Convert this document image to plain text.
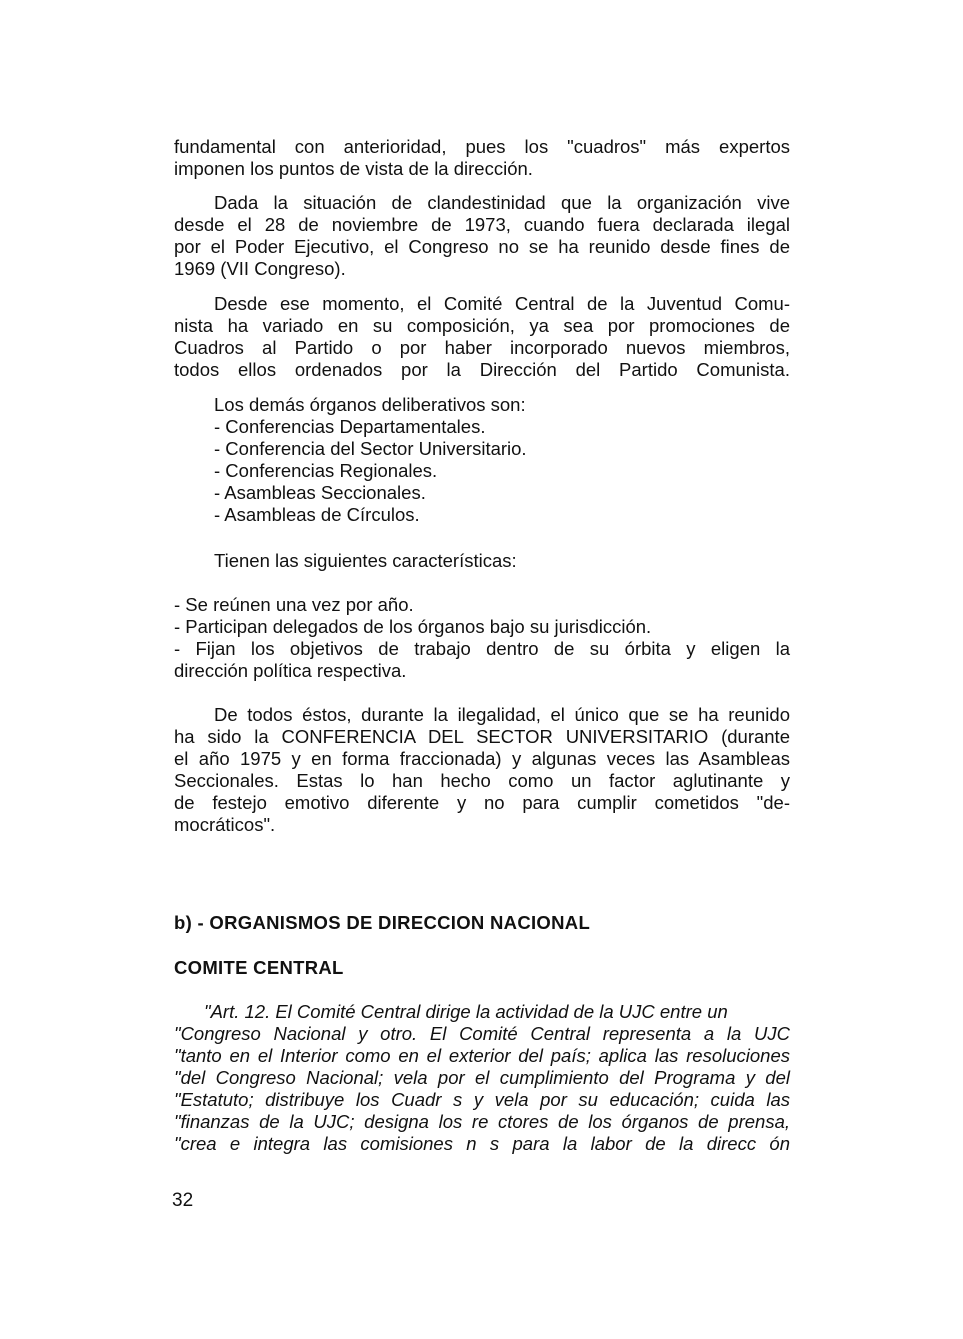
fundamental con anterioridad, pues los "cuadros" más expertos
imponen los puntos de vista de la dirección.
Dada la situación de clandestinidad que la organización vive
desde el 28 de noviembre de 1973, cuando fuera declarada ilegal
por el Poder Ejecutivo, el Congreso no se ha reunido desde fines de
1969 (VII Congreso).
Desde ese momento, el Comité Central de la Juventud Comu-
nista ha variado en su composición, ya sea por promociones de
Cuadros al Partido o por haber incorporado nuevos miembros,
todos ellos ordenados por la Dirección del Partido Comunista.
Los demás órganos deliberativos son:
- Conferencias Departamentales.
- Conferencia del Sector Universitario.
- Conferencias Regionales.
- Asambleas Seccionales.
- Asambleas de Círculos.
Tienen las siguientes características:
- Se reúnen una vez por año.
- Participan delegados de los órganos bajo su jurisdicción.
- Fijan los objetivos de trabajo dentro de su órbita y eligen la
dirección política respectiva.
De todos éstos, durante la ilegalidad, el único que se ha reunido
ha sido la CONFERENCIA DEL SECTOR UNIVERSITARIO (durante
el año 1975 y en forma fraccionada) y algunas veces las Asambleas
Seccionales. Estas lo han hecho como un factor aglutinante y
de festejo emotivo diferente y no para cumplir cometidos "de-
mocráticos".
b) - ORGANISMOS DE DIRECCION NACIONAL
COMITE CENTRAL
"Art. 12. El Comité Central dirige la actividad de la UJC entre un
"Congreso Nacional y otro. El Comité Central representa a la UJC
"tanto en el Interior como en el exterior del país; aplica las resoluciones
"del Congreso Nacional; vela por el cumplimiento del Programa y del
"Estatuto; distribuye los Cuadr s y vela por su educación; cuida las
"finanzas de la UJC; designa los re ctores de los órganos de prensa,
"crea e integra las comisiones n s para la labor de la direcc ón
32
